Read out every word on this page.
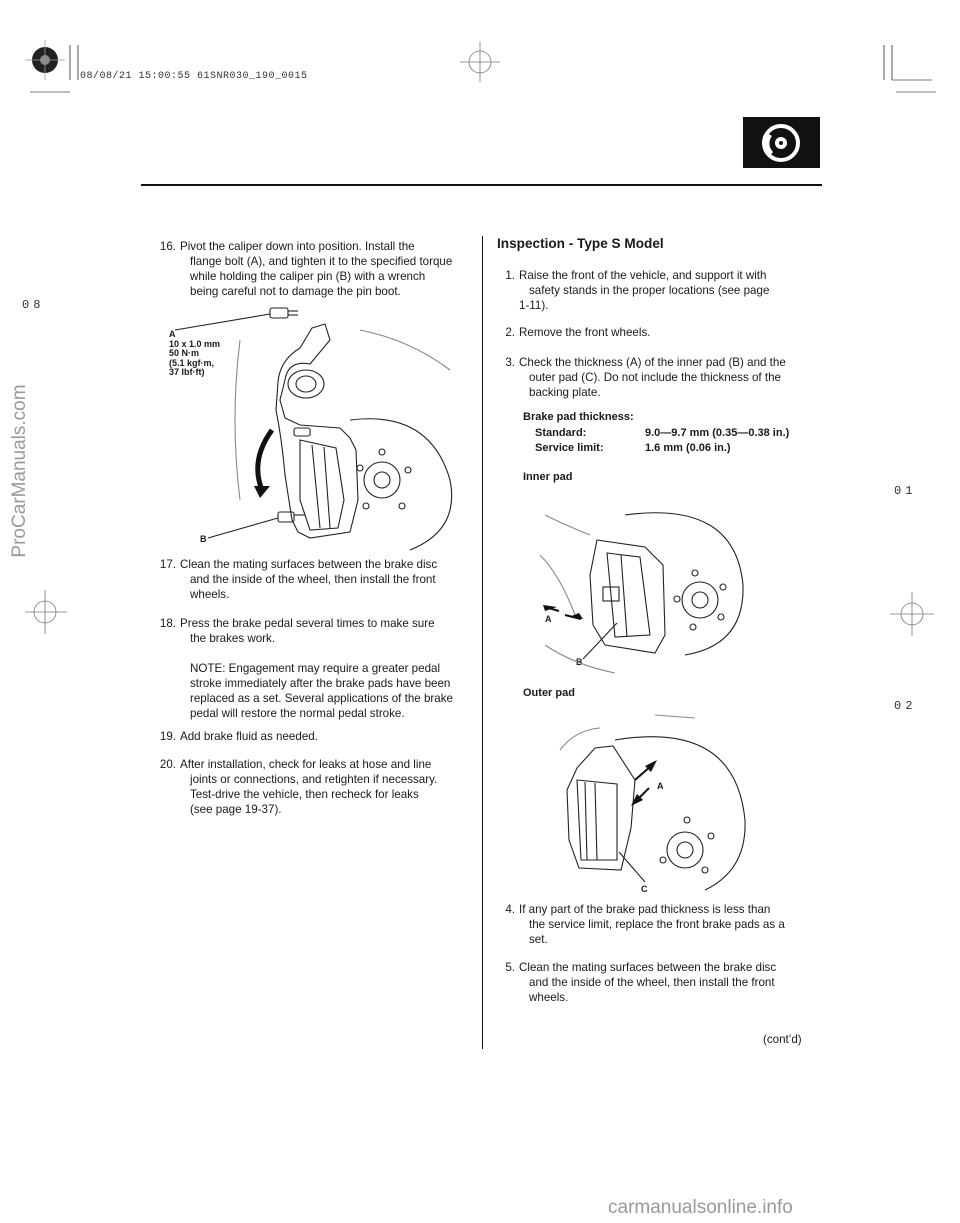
08/08/21 15:00:55 61SNR030_190_0015
08
01
02
ProCarManuals.com
carmanualsonline.info
16. Pivot the caliper down into position. Install the
flange bolt (A), and tighten it to the specified torque
while holding the caliper pin (B) with a wrench
being careful not to damage the pin boot.
A
10 x 1.0 mm
50 N·m
(5.1 kgf·m,
37 lbf·ft)
B
17. Clean the mating surfaces between the brake disc
and the inside of the wheel, then install the front
wheels.
18. Press the brake pedal several times to make sure
the brakes work.
NOTE: Engagement may require a greater pedal
stroke immediately after the brake pads have been
replaced as a set. Several applications of the brake
pedal will restore the normal pedal stroke.
19. Add brake fluid as needed.
20. After installation, check for leaks at hose and line
joints or connections, and retighten if necessary.
Test-drive the vehicle, then recheck for leaks
(see page 19-37).
Inspection - Type S Model
1. Raise the front of the vehicle, and support it with
safety stands in the proper locations (see page
1-11).
2. Remove the front wheels.
3. Check the thickness (A) of the inner pad (B) and the
outer pad (C). Do not include the thickness of the
backing plate.
Brake pad thickness:
Standard:	9.0—9.7 mm (0.35—0.38 in.)
Service limit:	1.6 mm (0.06 in.)
Inner pad
A
B
Outer pad
A
C
4. If any part of the brake pad thickness is less than
the service limit, replace the front brake pads as a
set.
5. Clean the mating surfaces between the brake disc
and the inside of the wheel, then install the front
wheels.
(cont’d)
